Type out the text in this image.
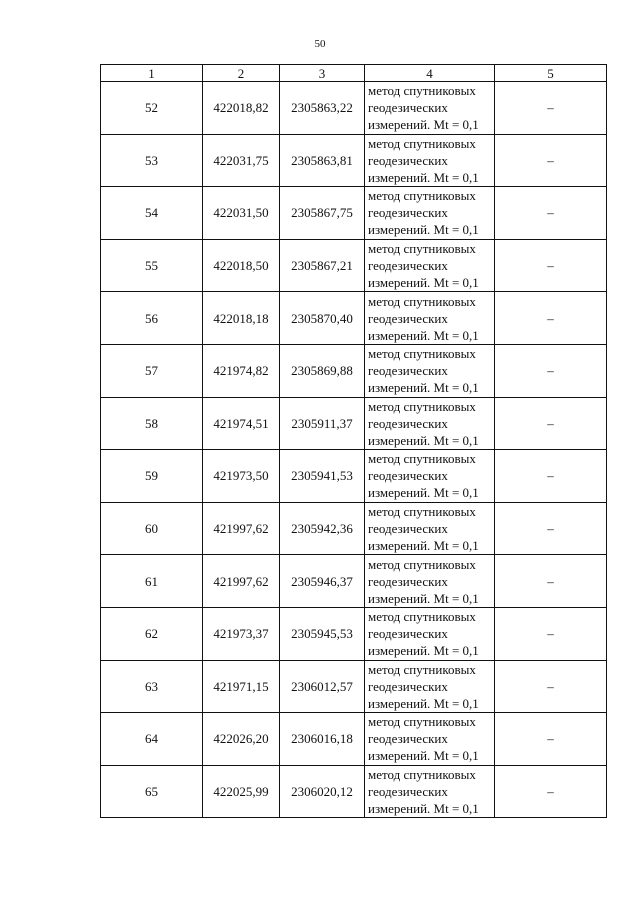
50
1	2	3	4	5
52	422018,82	2305863,22	метод спутниковых
геодезических
измерений. Mt = 0,1	–
53	422031,75	2305863,81	метод спутниковых
геодезических
измерений. Mt = 0,1	–
54	422031,50	2305867,75	метод спутниковых
геодезических
измерений. Mt = 0,1	–
55	422018,50	2305867,21	метод спутниковых
геодезических
измерений. Mt = 0,1	–
56	422018,18	2305870,40	метод спутниковых
геодезических
измерений. Mt = 0,1	–
57	421974,82	2305869,88	метод спутниковых
геодезических
измерений. Mt = 0,1	–
58	421974,51	2305911,37	метод спутниковых
геодезических
измерений. Mt = 0,1	–
59	421973,50	2305941,53	метод спутниковых
геодезических
измерений. Mt = 0,1	–
60	421997,62	2305942,36	метод спутниковых
геодезических
измерений. Mt = 0,1	–
61	421997,62	2305946,37	метод спутниковых
геодезических
измерений. Mt = 0,1	–
62	421973,37	2305945,53	метод спутниковых
геодезических
измерений. Mt = 0,1	–
63	421971,15	2306012,57	метод спутниковых
геодезических
измерений. Mt = 0,1	–
64	422026,20	2306016,18	метод спутниковых
геодезических
измерений. Mt = 0,1	–
65	422025,99	2306020,12	метод спутниковых
геодезических
измерений. Mt = 0,1	–
